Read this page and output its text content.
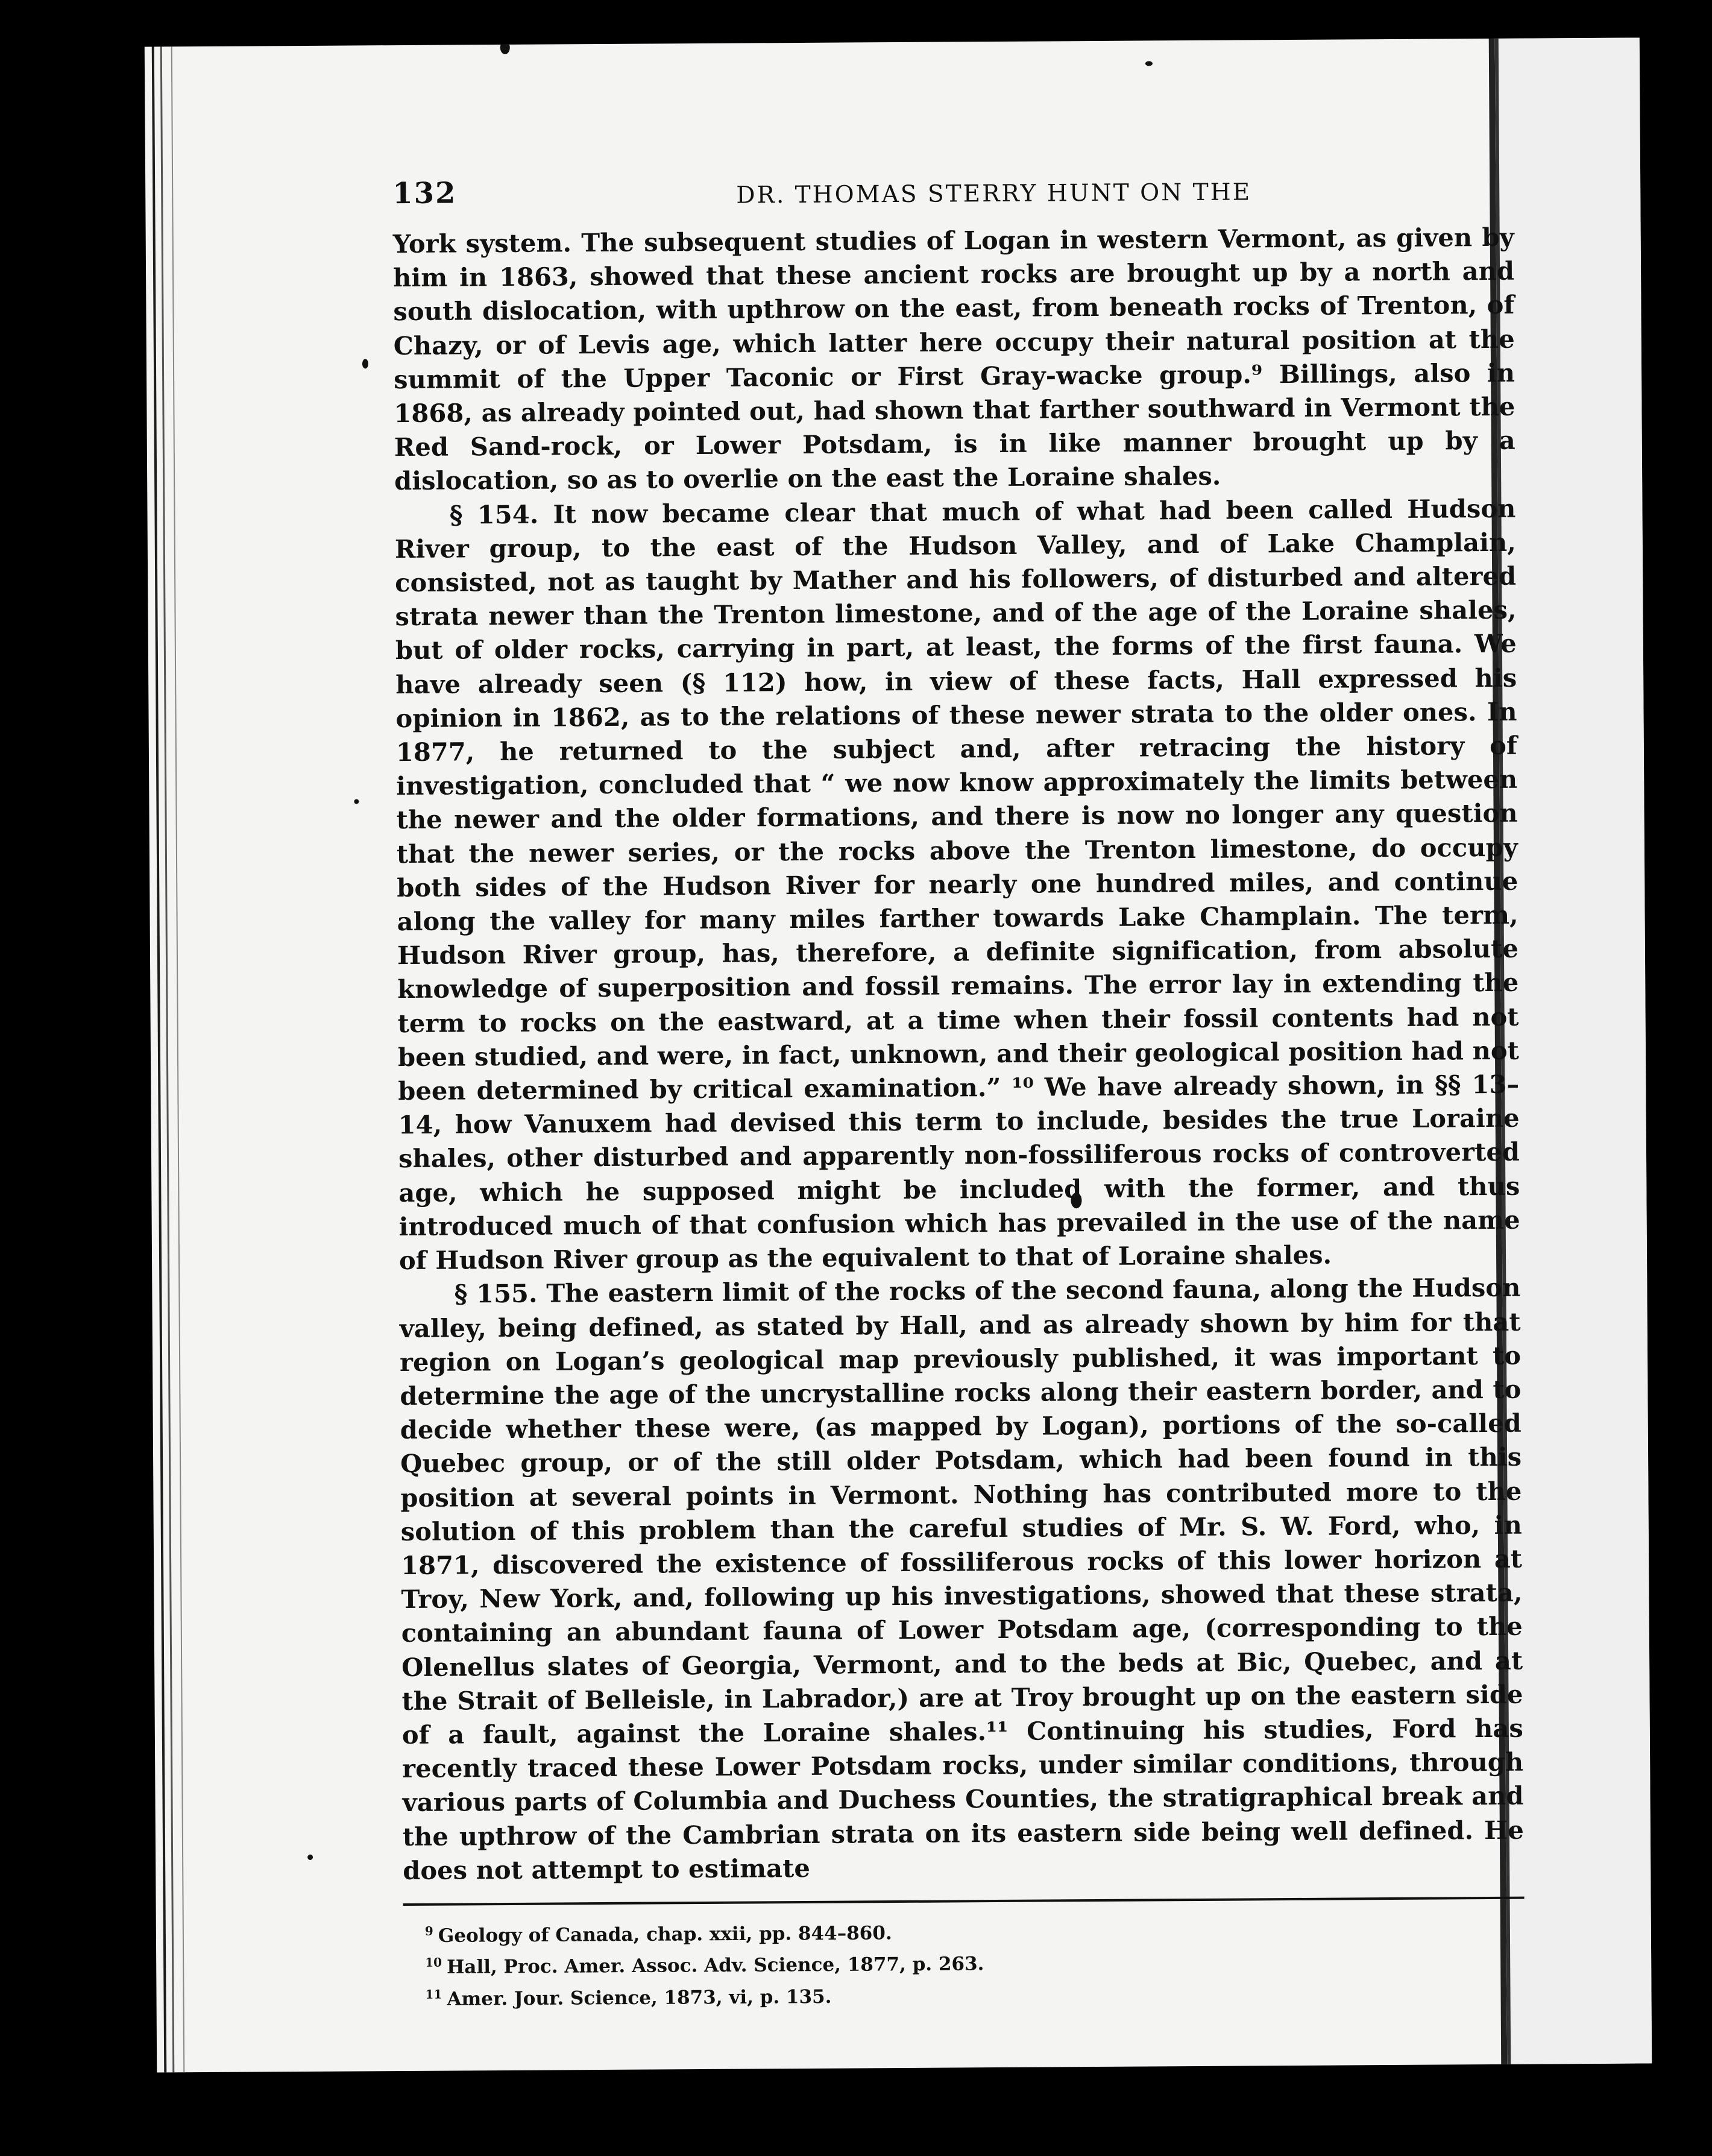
132	DR. THOMAS STERRY HUNT ON THE

York system. The subsequent studies of Logan in western Vermont, as given by him in 1863, showed that these ancient rocks are brought up by a north and south dislocation, with upthrow on the east, from beneath rocks of Trenton, of Chazy, or of Levis age, which latter here occupy their natural position at the summit of the Upper Taconic or First Gray-wacke group.⁹ Billings, also in 1868, as already pointed out, had shown that farther southward in Vermont the Red Sand-rock, or Lower Potsdam, is in like manner brought up by a dislocation, so as to overlie on the east the Loraine shales.

§ 154. It now became clear that much of what had been called Hudson River group, to the east of the Hudson Valley, and of Lake Champlain, consisted, not as taught by Mather and his followers, of disturbed and altered strata newer than the Trenton limestone, and of the age of the Loraine shales, but of older rocks, carrying in part, at least, the forms of the first fauna. We have already seen (§ 112) how, in view of these facts, Hall expressed his opinion in 1862, as to the relations of these newer strata to the older ones. In 1877, he returned to the subject and, after retracing the history of investigation, concluded that “ we now know approximately the limits between the newer and the older formations, and there is now no longer any question that the newer series, or the rocks above the Trenton limestone, do occupy both sides of the Hudson River for nearly one hundred miles, and continue along the valley for many miles farther towards Lake Champlain. The term, Hudson River group, has, therefore, a definite signification, from absolute knowledge of superposition and fossil remains. The error lay in extending the term to rocks on the eastward, at a time when their fossil contents had not been studied, and were, in fact, unknown, and their geological position had not been determined by critical examination.” ¹⁰ We have already shown, in §§ 13–14, how Vanuxem had devised this term to include, besides the true Loraine shales, other disturbed and apparently non-fossiliferous rocks of controverted age, which he supposed might be included with the former, and thus introduced much of that confusion which has prevailed in the use of the name of Hudson River group as the equivalent to that of Loraine shales.

§ 155. The eastern limit of the rocks of the second fauna, along the Hudson valley, being defined, as stated by Hall, and as already shown by him for that region on Logan’s geological map previously published, it was important to determine the age of the uncrystalline rocks along their eastern border, and to decide whether these were, (as mapped by Logan), portions of the so-called Quebec group, or of the still older Potsdam, which had been found in this position at several points in Vermont. Nothing has contributed more to the solution of this problem than the careful studies of Mr. S. W. Ford, who, in 1871, discovered the existence of fossiliferous rocks of this lower horizon at Troy, New York, and, following up his investigations, showed that these strata, containing an abundant fauna of Lower Potsdam age, (corresponding to the Olenellus slates of Georgia, Vermont, and to the beds at Bic, Quebec, and at the Strait of Belleisle, in Labrador,) are at Troy brought up on the eastern side of a fault, against the Loraine shales.¹¹ Continuing his studies, Ford has recently traced these Lower Potsdam rocks, under similar conditions, through various parts of Columbia and Duchess Counties, the stratigraphical break and the upthrow of the Cambrian strata on its eastern side being well defined. He does not attempt to estimate

$^9$ Geology of Canada, chap. xxii, pp. 844–860.

$^{10}$ Hall, Proc. Amer. Assoc. Adv. Science, 1877, p. 263.

$^{11}$ Amer. Jour. Science, 1873, vi, p. 135.
